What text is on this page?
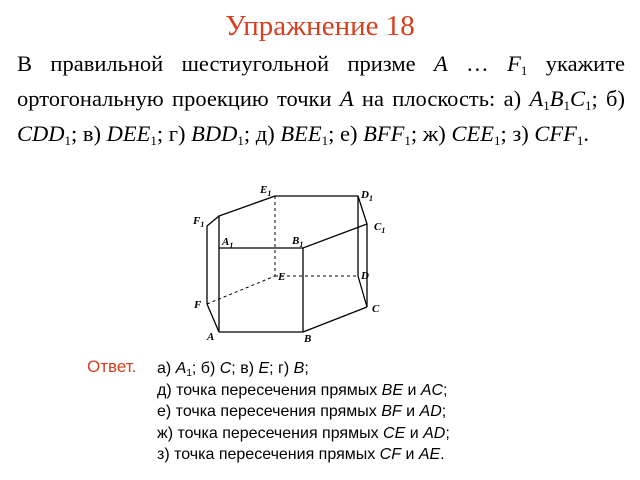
Упражнение 18
В правильной шестиугольной призме A … $F_1$ укажите ортогональную проекцию точки A на плоскость: а) $A_1B_1C_1$; б) $CDD_1$; в) $DEE_1$; г) $BDD_1$; д) $BEE_1$; е) $BFF_1$; ж) $CEE_1$; з) $CFF_1$.
$E_1$	$D_1$
$F_1$	$C_1$
$A_1$	$B_1$
E	D
F	C
A	B
Ответ. а) $A_1$; б) C; в) E; г) B;
д) точка пересечения прямых BE и AC;
е) точка пересечения прямых BF и AD;
ж) точка пересечения прямых CE и AD;
з) точка пересечения прямых CF и AE.
